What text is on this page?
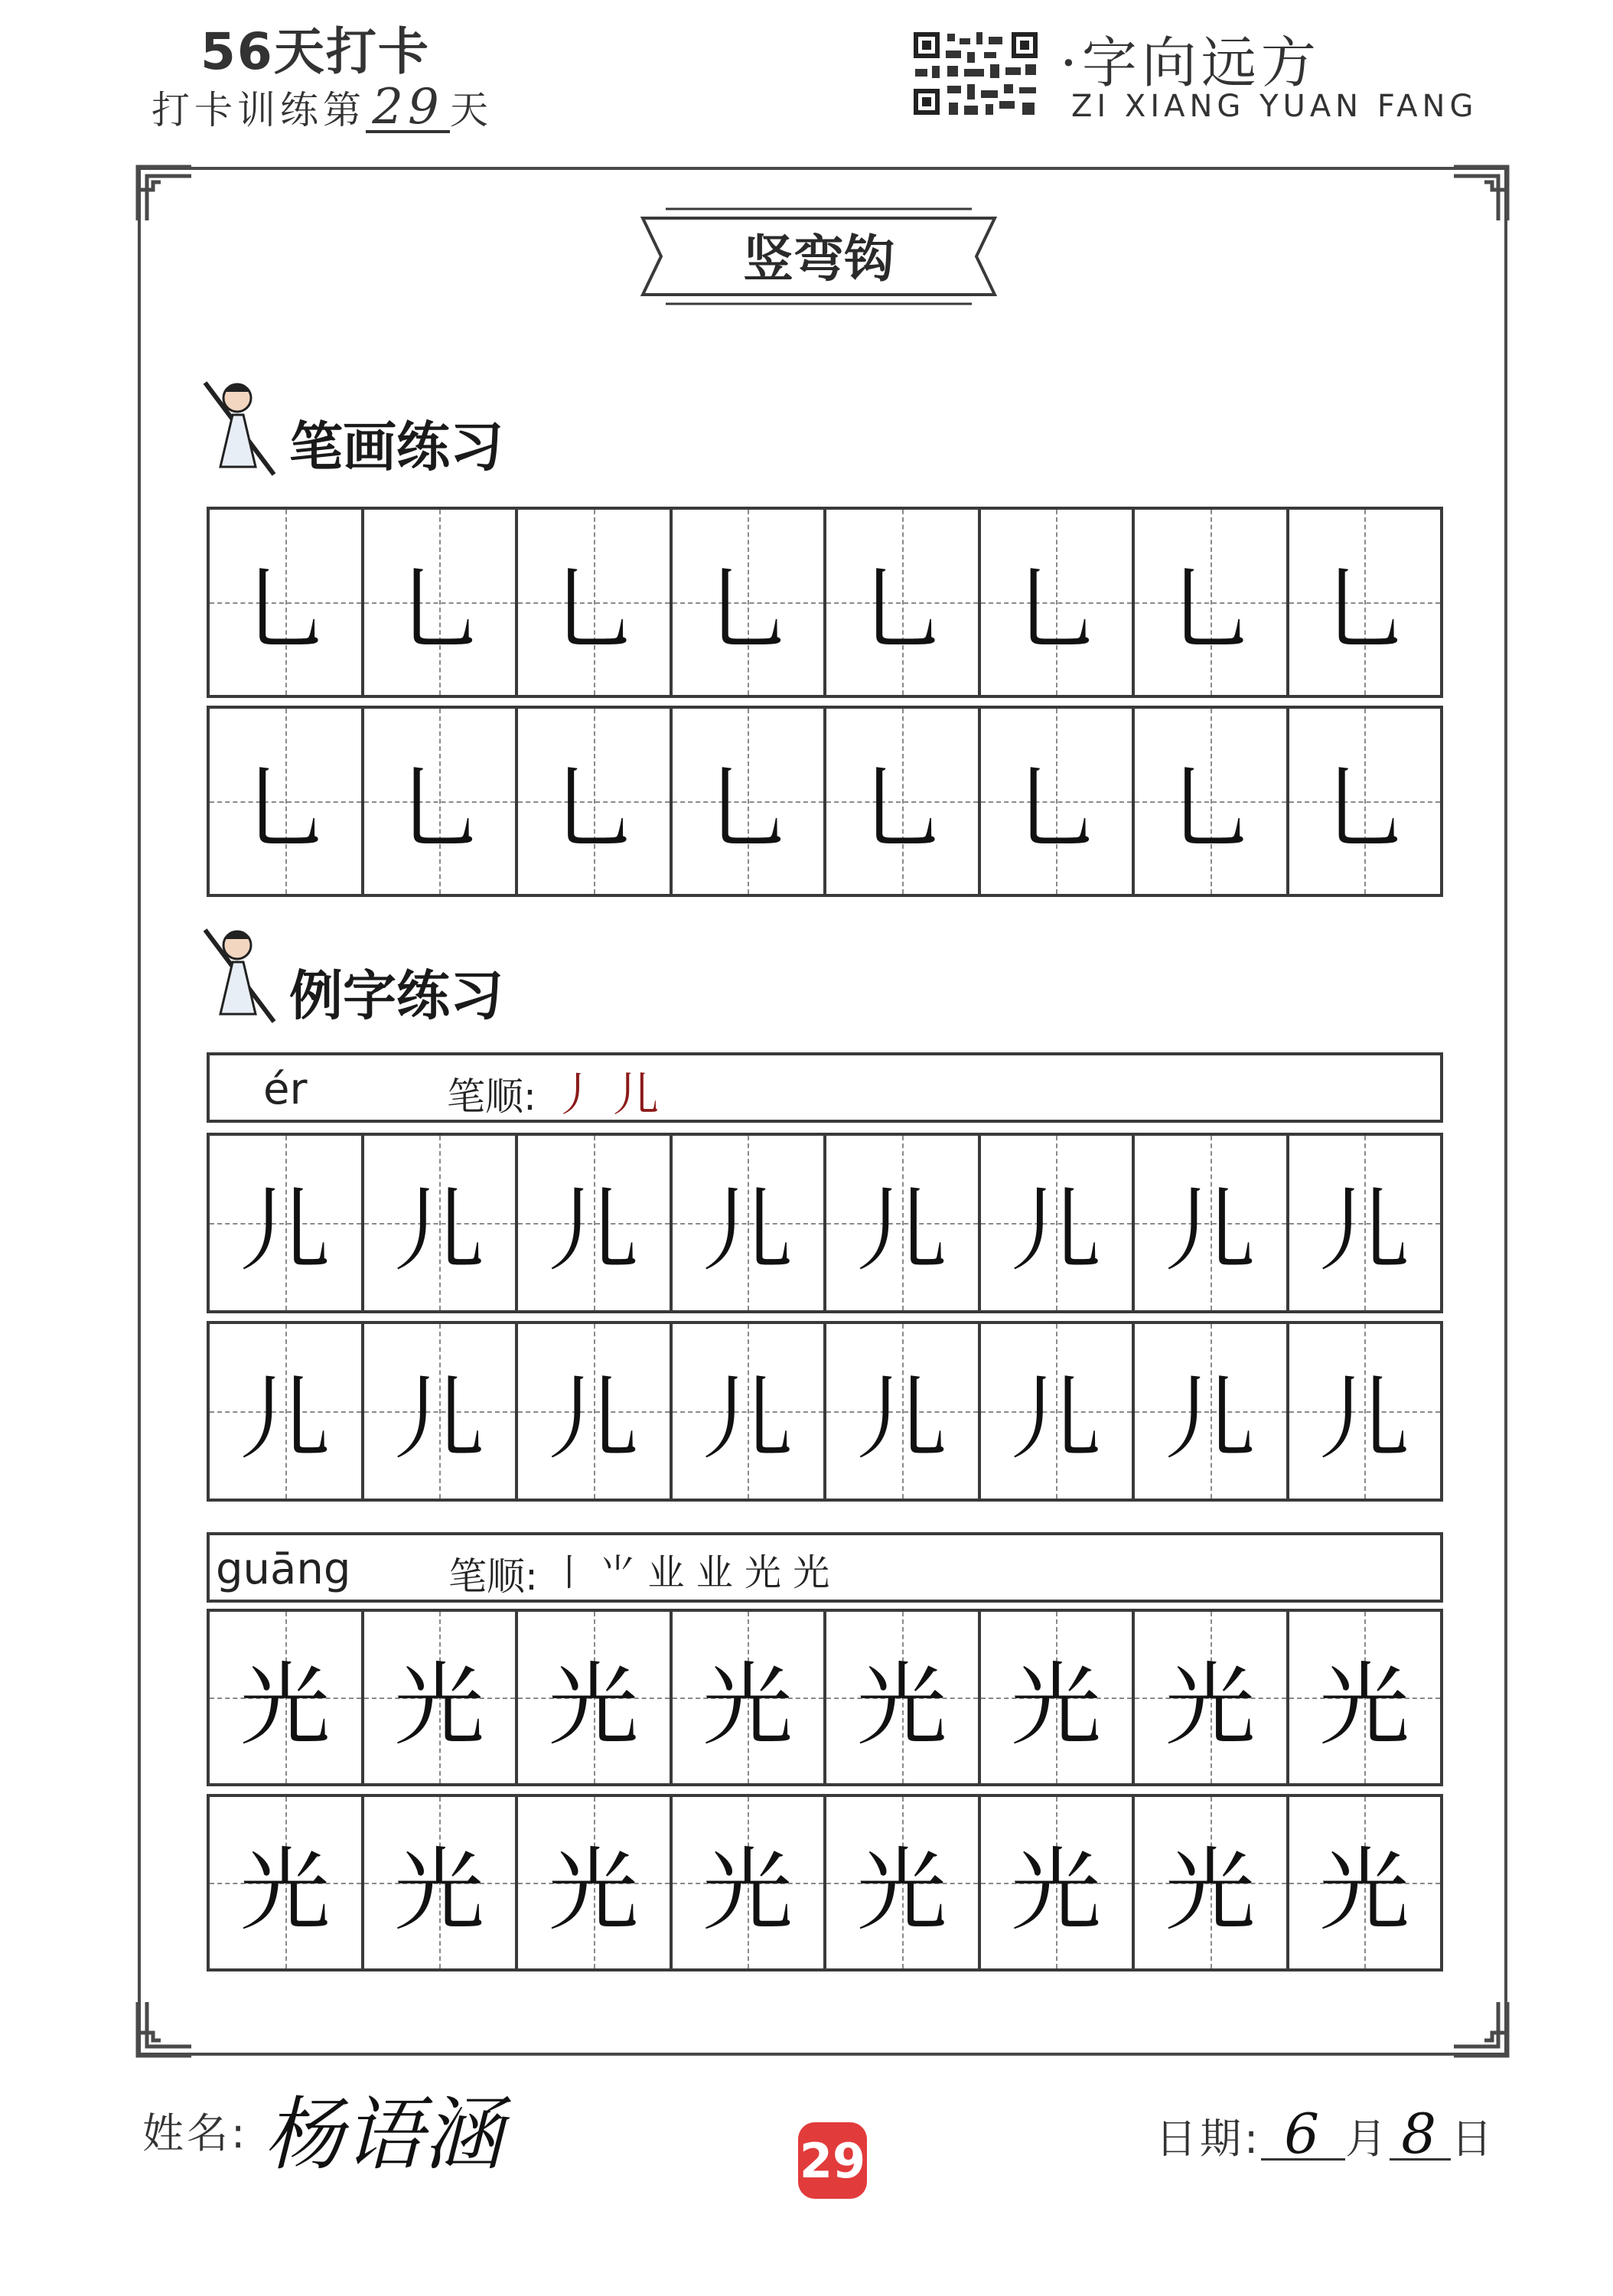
56天打卡
打卡训练第 29 天
·字向远方
ZI XIANG YUAN FANG
竖弯钩
笔画练习
乚 乚 乚 乚 乚 乚 乚 乚
乚 乚 乚 乚 乚 乚 乚 乚
例字练习
ér	笔顺: 丿 儿
儿 儿 儿 儿 儿 儿 儿 儿
儿 儿 儿 儿 儿 儿 儿 儿
guāng	笔顺: 丨 ⺌ 业 业 光 光
光 光 光 光 光 光 光 光
光 光 光 光 光 光 光 光
姓名: 杨语涵	29	日期: 6 月 8 日
